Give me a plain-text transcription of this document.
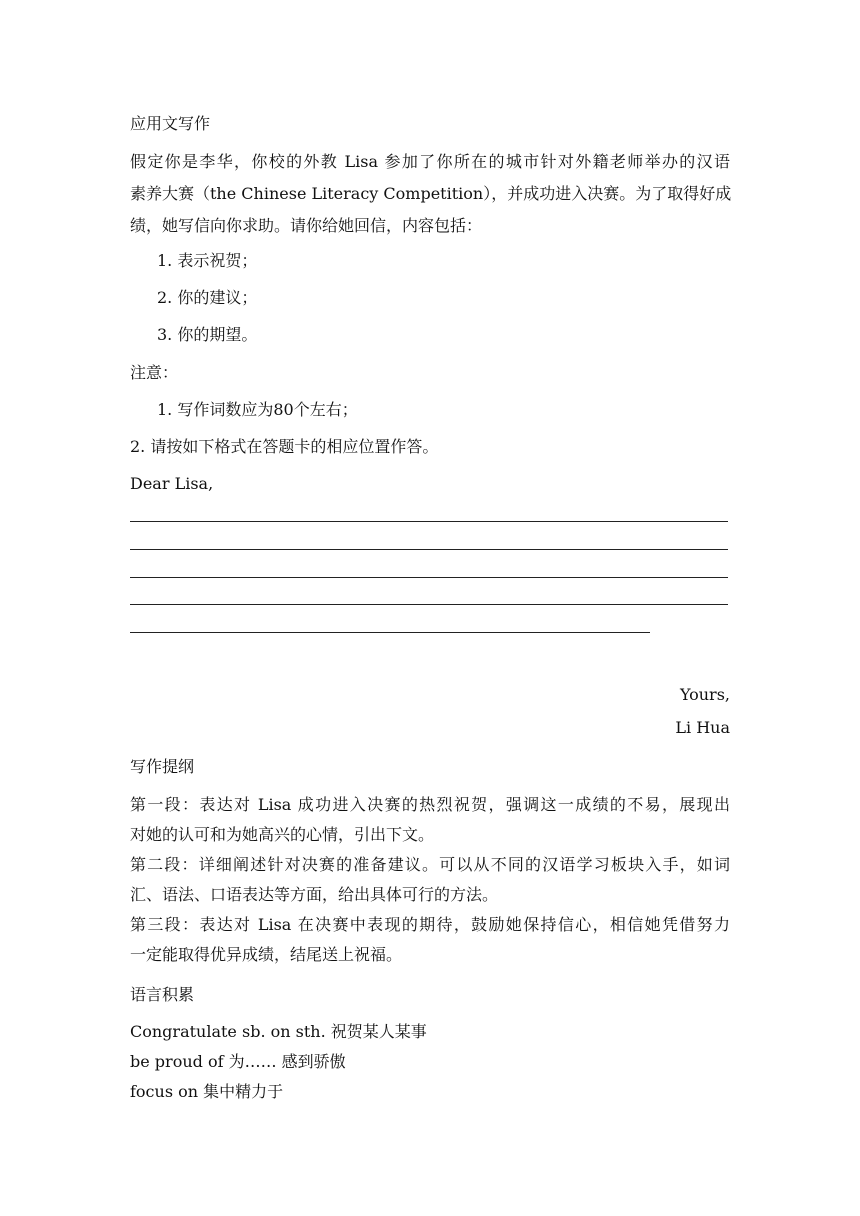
应用文写作
假定你是李华，你校的外教 Lisa 参加了你所在的城市针对外籍老师举办的汉语
素养大赛（the Chinese Literacy Competition），并成功进入决赛。为了取得好成
绩，她写信向你求助。请你给她回信，内容包括：
1. 表示祝贺；
2. 你的建议；
3. 你的期望。
注意：
1. 写作词数应为80个左右；
2. 请按如下格式在答题卡的相应位置作答。
Dear Lisa,
Yours,
Li Hua
写作提纲
第一段：表达对 Lisa 成功进入决赛的热烈祝贺，强调这一成绩的不易，展现出
对她的认可和为她高兴的心情，引出下文。
第二段：详细阐述针对决赛的准备建议。可以从不同的汉语学习板块入手，如词
汇、语法、口语表达等方面，给出具体可行的方法。
第三段：表达对 Lisa 在决赛中表现的期待，鼓励她保持信心，相信她凭借努力
一定能取得优异成绩，结尾送上祝福。
语言积累
Congratulate sb. on sth. 祝贺某人某事
be proud of 为…… 感到骄傲
focus on 集中精力于
